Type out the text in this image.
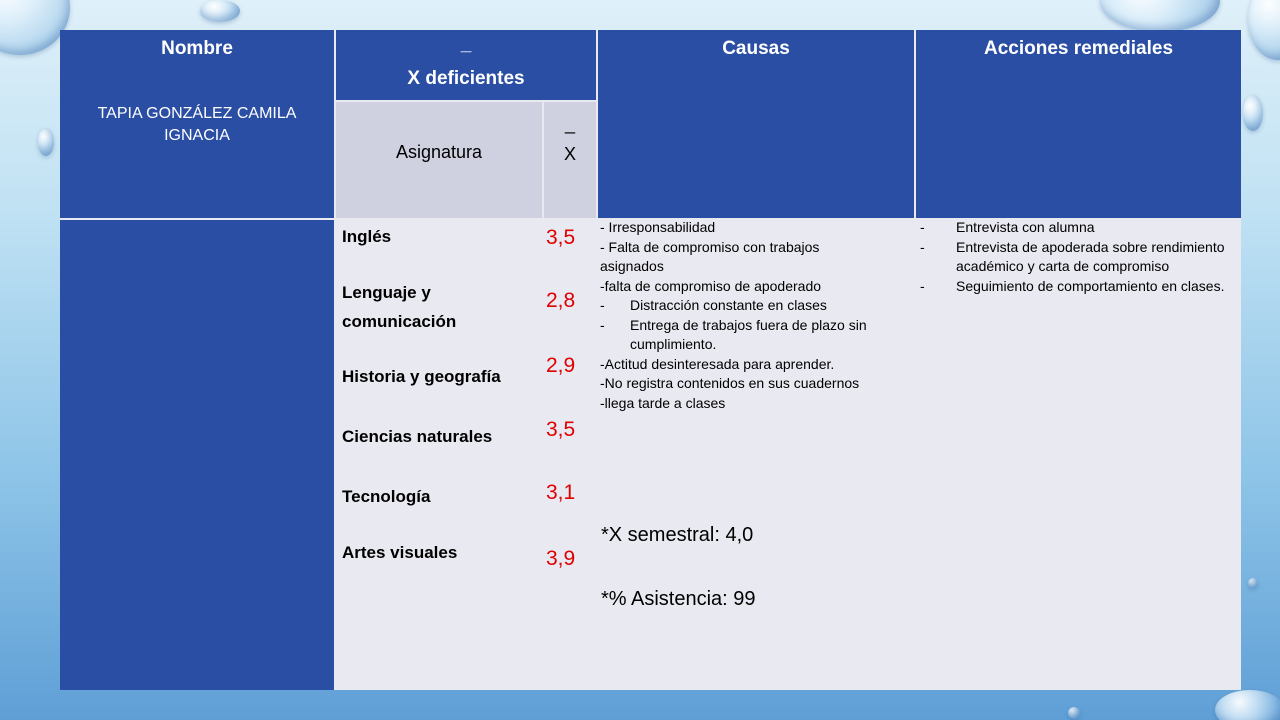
Nombre
TAPIA GONZÁLEZ CAMILA IGNACIA
_
X deficientes
Causas	Acciones remediales
Asignatura
_
X
Inglés
Lenguaje y comunicación
Historia y geografía
Ciencias naturales
Tecnología
Artes visuales
3,5
2,8
2,9
3,5
3,1
3,9
- Irresponsabilidad
- Falta de compromiso con trabajos asignados
-falta de compromiso de apoderado
- Distracción constante en clases
- Entrega de trabajos fuera de plazo sin cumplimiento.
-Actitud desinteresada para aprender.
-No registra contenidos en sus cuadernos
-llega tarde a clases
*X semestral: 4,0
*% Asistencia: 99
- Entrevista con alumna
- Entrevista de apoderada sobre rendimiento académico y carta de compromiso
- Seguimiento de comportamiento en clases.
